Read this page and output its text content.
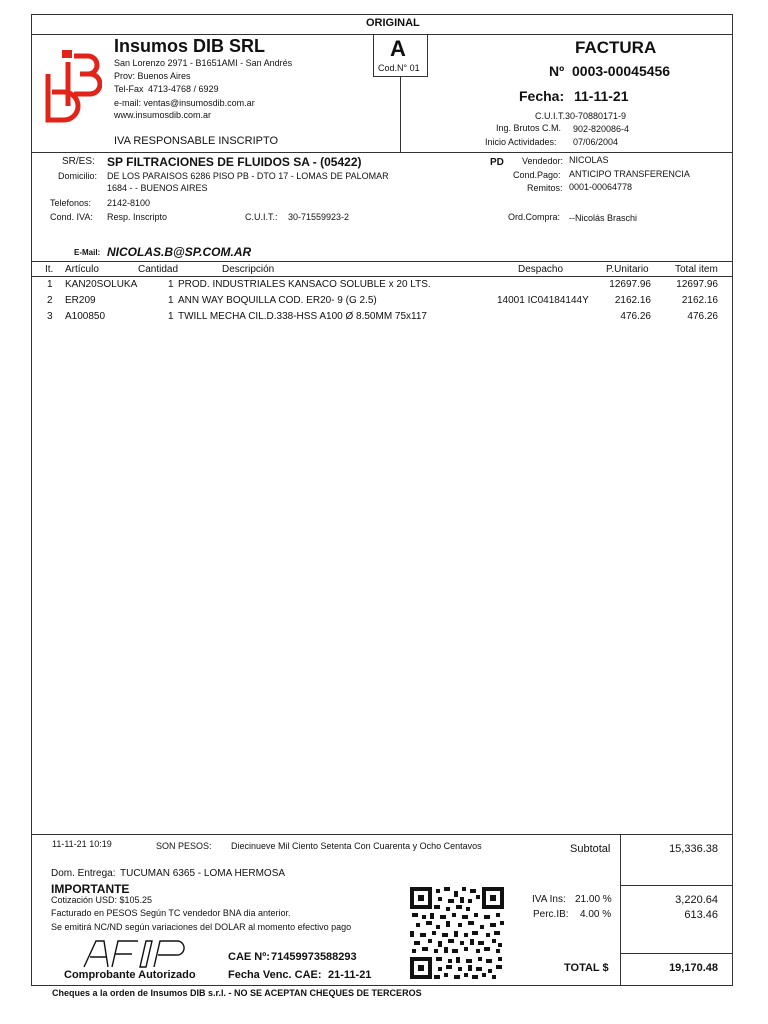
ORIGINAL
A
Cod.N° 01
Insumos DIB SRL
San Lorenzo 2971 - B1651AMI - San Andrés
Prov: Buenos Aires
Tel-Fax 4713-4768 / 6929
e-mail: ventas@insumosdib.com.ar
www.insumosdib.com.ar
IVA RESPONSABLE INSCRIPTO
FACTURA
Nº 0003-00045456
Fecha: 11-11-21
C.U.I.T.30-70880171-9
Ing. Brutos C.M. 902-820086-4
Inicio Actividades: 07/06/2004
SR/ES: SP FILTRACIONES DE FLUIDOS SA - (05422)
Domicilio: DE LOS PARAISOS 6286 PISO PB - DTO 17 - LOMAS DE PALOMAR
1684 - - BUENOS AIRES
Telefonos: 2142-8100
Cond. IVA: Resp. Inscripto	C.U.I.T.: 30-71559923-2
PD Vendedor: NICOLAS
Cond.Pago: ANTICIPO TRANSFERENCIA
Remitos: 0001-00064778
Ord.Compra: --Nicolás Braschi
E-Mail: NICOLAS.B@SP.COM.AR
It. Artículo	Cantidad	Descripción	Despacho	P.Unitario	Total item
1 KAN20SOLUKA	1 PROD. INDUSTRIALES KANSACO SOLUBLE x 20 LTS.	12697.96	12697.96
2 ER209	1 ANN WAY BOQUILLA COD. ER20- 9 (G 2.5)	14001 IC04184144Y	2162.16	2162.16
3 A100850	1 TWILL MECHA CIL.D.338-HSS A100 Ø 8.50MM 75x117	476.26	476.26
11-11-21 10:19	SON PESOS: Diecinueve Mil Ciento Setenta Con Cuarenta y Ocho Centavos	Subtotal	15,336.38
Dom. Entrega: TUCUMAN 6365 - LOMA HERMOSA
IMPORTANTE
Cotización USD: $105.25
Facturado en PESOS Según TC vendedor BNA dia anterior.
Se emitirá NC/ND según variaciones del DOLAR al momento efectivo pago
Comprobante Autorizado
CAE Nº: 71459973588293
Fecha Venc. CAE: 21-11-21
IVA Ins: 21.00 %	3,220.64
Perc.IB: 4.00 %	613.46
TOTAL $	19,170.48
Cheques a la orden de Insumos DIB s.r.l. - NO SE ACEPTAN CHEQUES DE TERCEROS
